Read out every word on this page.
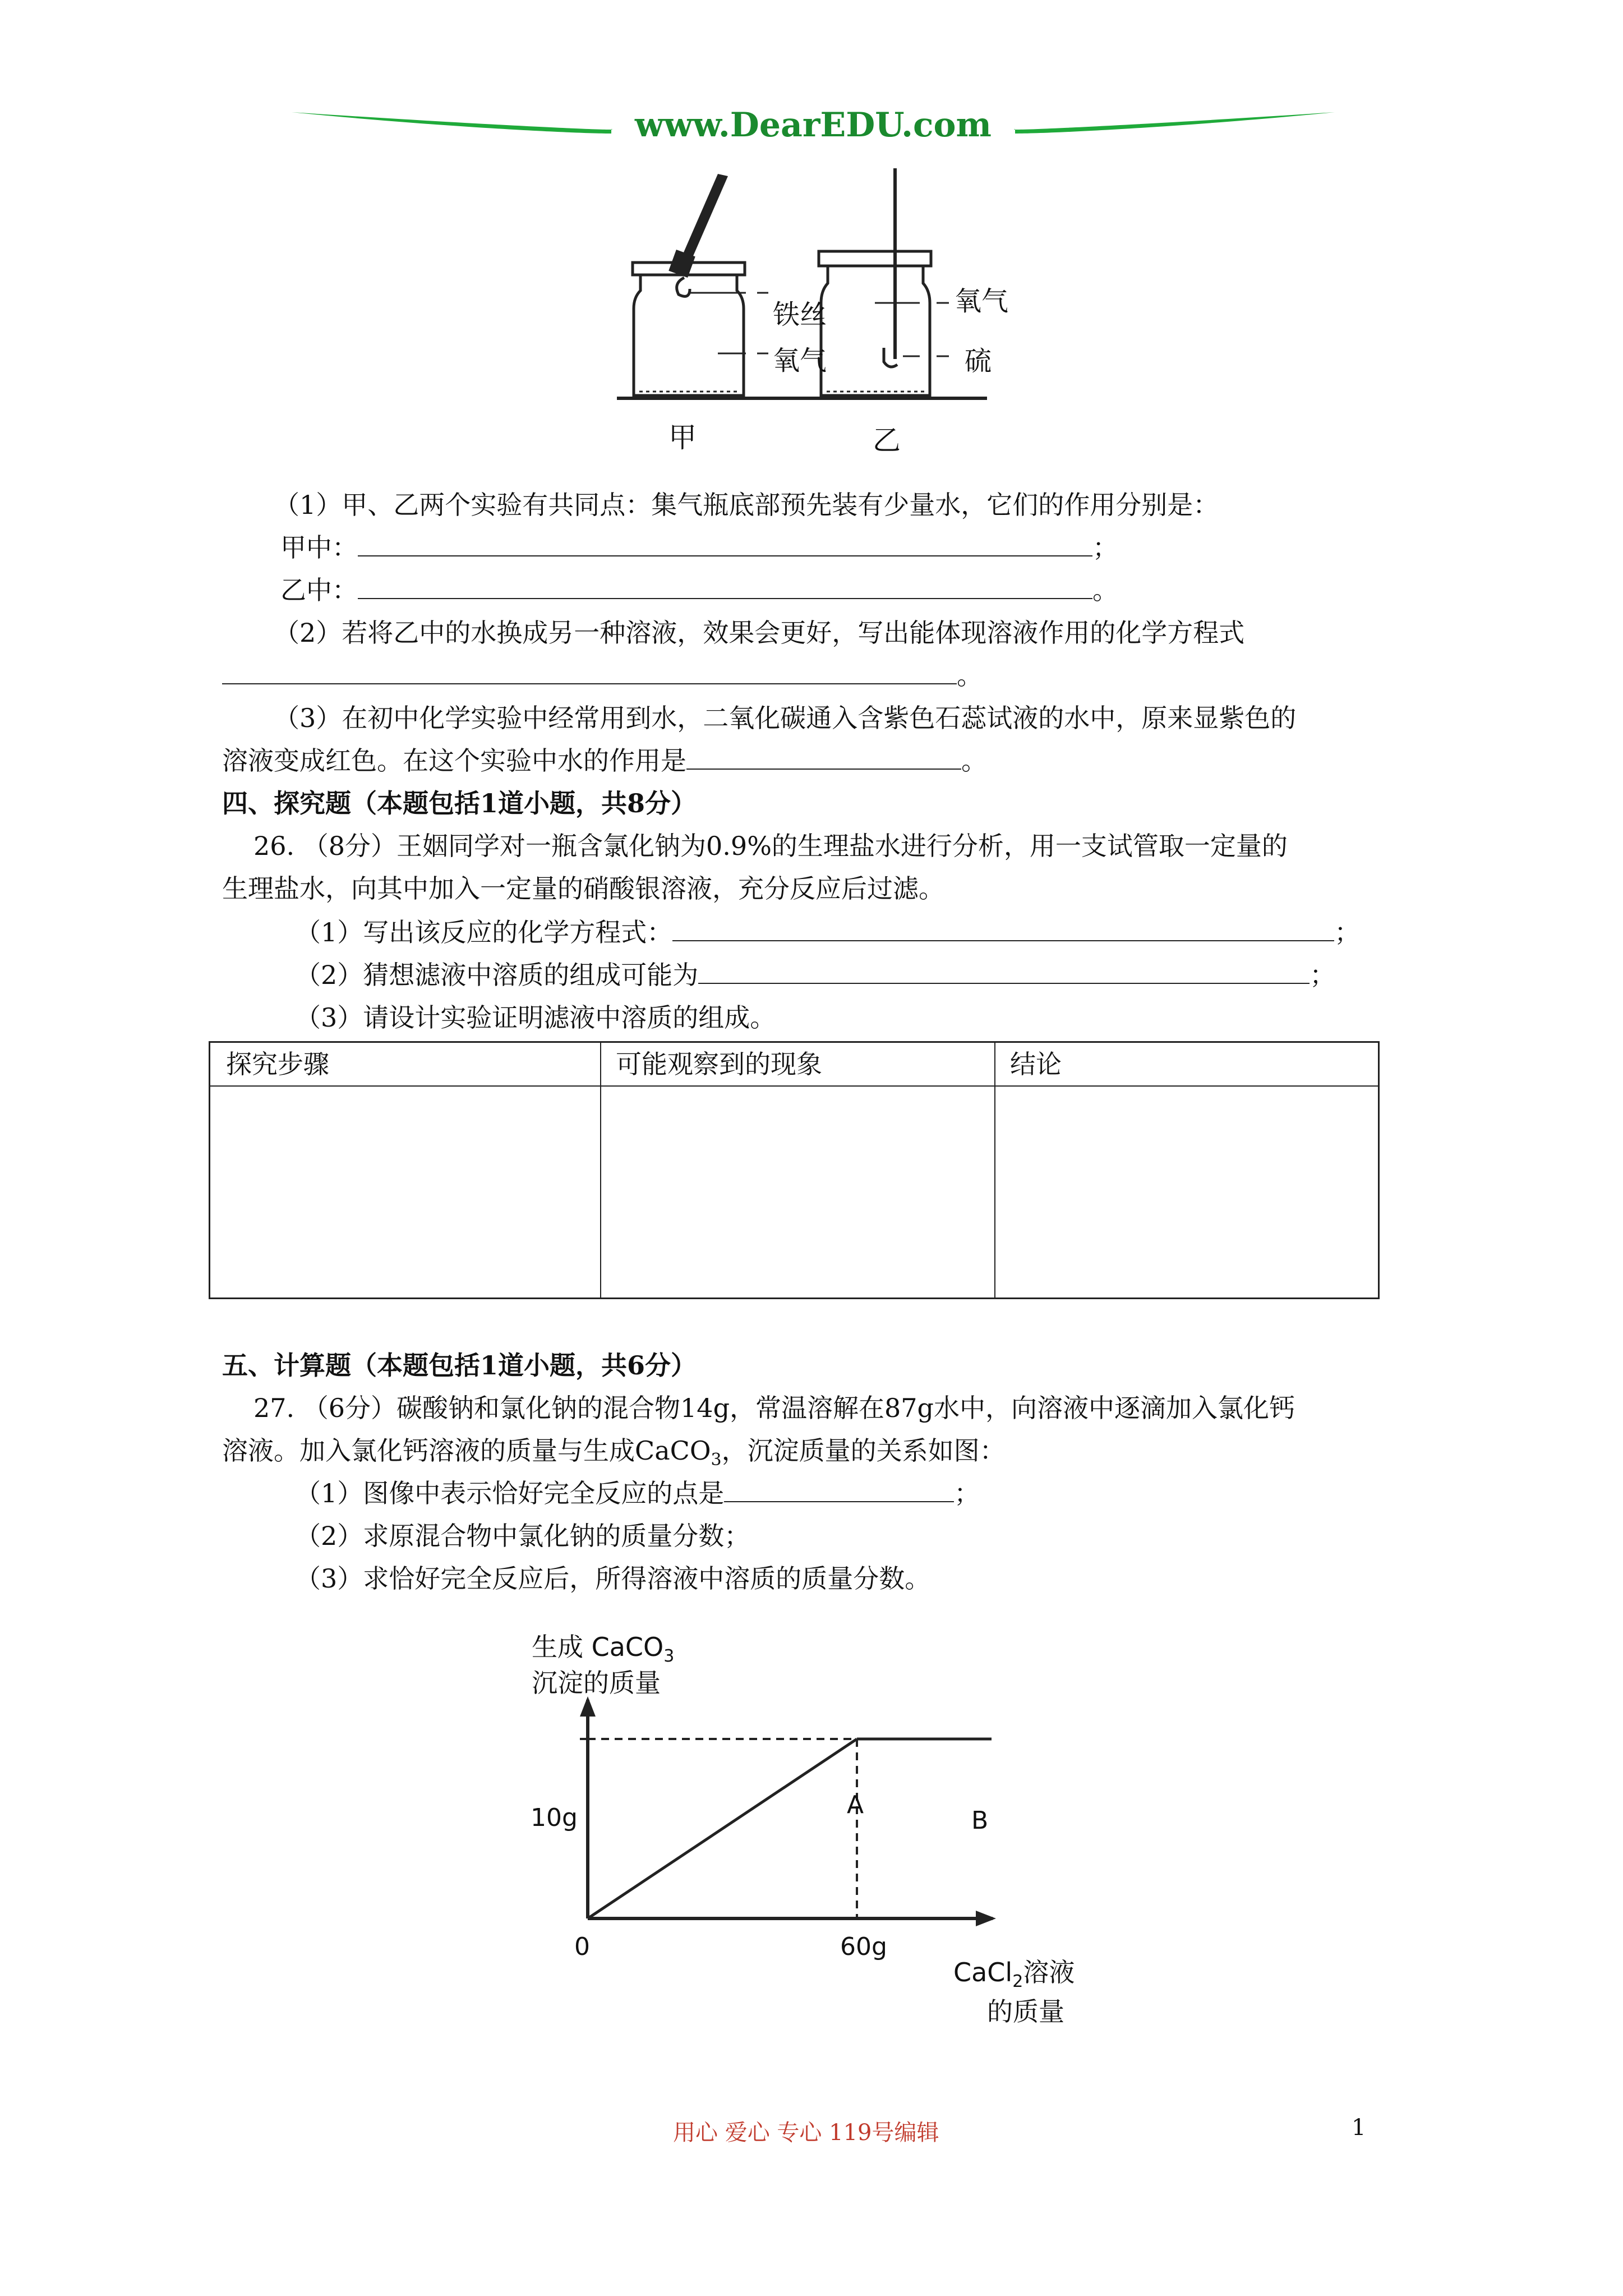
www.DearEDU.com
铁丝
氧气
氧气
硫
甲	乙
（1）甲、乙两个实验有共同点：集气瓶底部预先装有少量水，它们的作用分别是：
甲中：	；
乙中：	。
（2）若将乙中的水换成另一种溶液，效果会更好，写出能体现溶液作用的化学方程式
。
（3）在初中化学实验中经常用到水，二氧化碳通入含紫色石蕊试液的水中，原来显紫色的
溶液变成红色。在这个实验中水的作用是	。
四、探究题（本题包括1道小题，共8分）
26. （8分）王姻同学对一瓶含氯化钠为0.9%的生理盐水进行分析，用一支试管取一定量的
生理盐水，向其中加入一定量的硝酸银溶液，充分反应后过滤。
（1）写出该反应的化学方程式：	；
（2）猜想滤液中溶质的组成可能为	；
（3）请设计实验证明滤液中溶质的组成。
探究步骤	可能观察到的现象	结论
五、计算题（本题包括1道小题，共6分）
27. （6分）碳酸钠和氯化钠的混合物14g，常温溶解在87g水中，向溶液中逐滴加入氯化钙
溶液。加入氯化钙溶液的质量与生成CaCO$_3$，沉淀质量的关系如图：
（1）图像中表示恰好完全反应的点是	；
（2）求原混合物中氯化钠的质量分数；
（3）求恰好完全反应后，所得溶液中溶质的质量分数。
生成 CaCO$_3$
沉淀的质量
10g
0	60g
A
B
CaCl$_2$溶液
的质量
用心 爱心 专心 119号编辑	1
